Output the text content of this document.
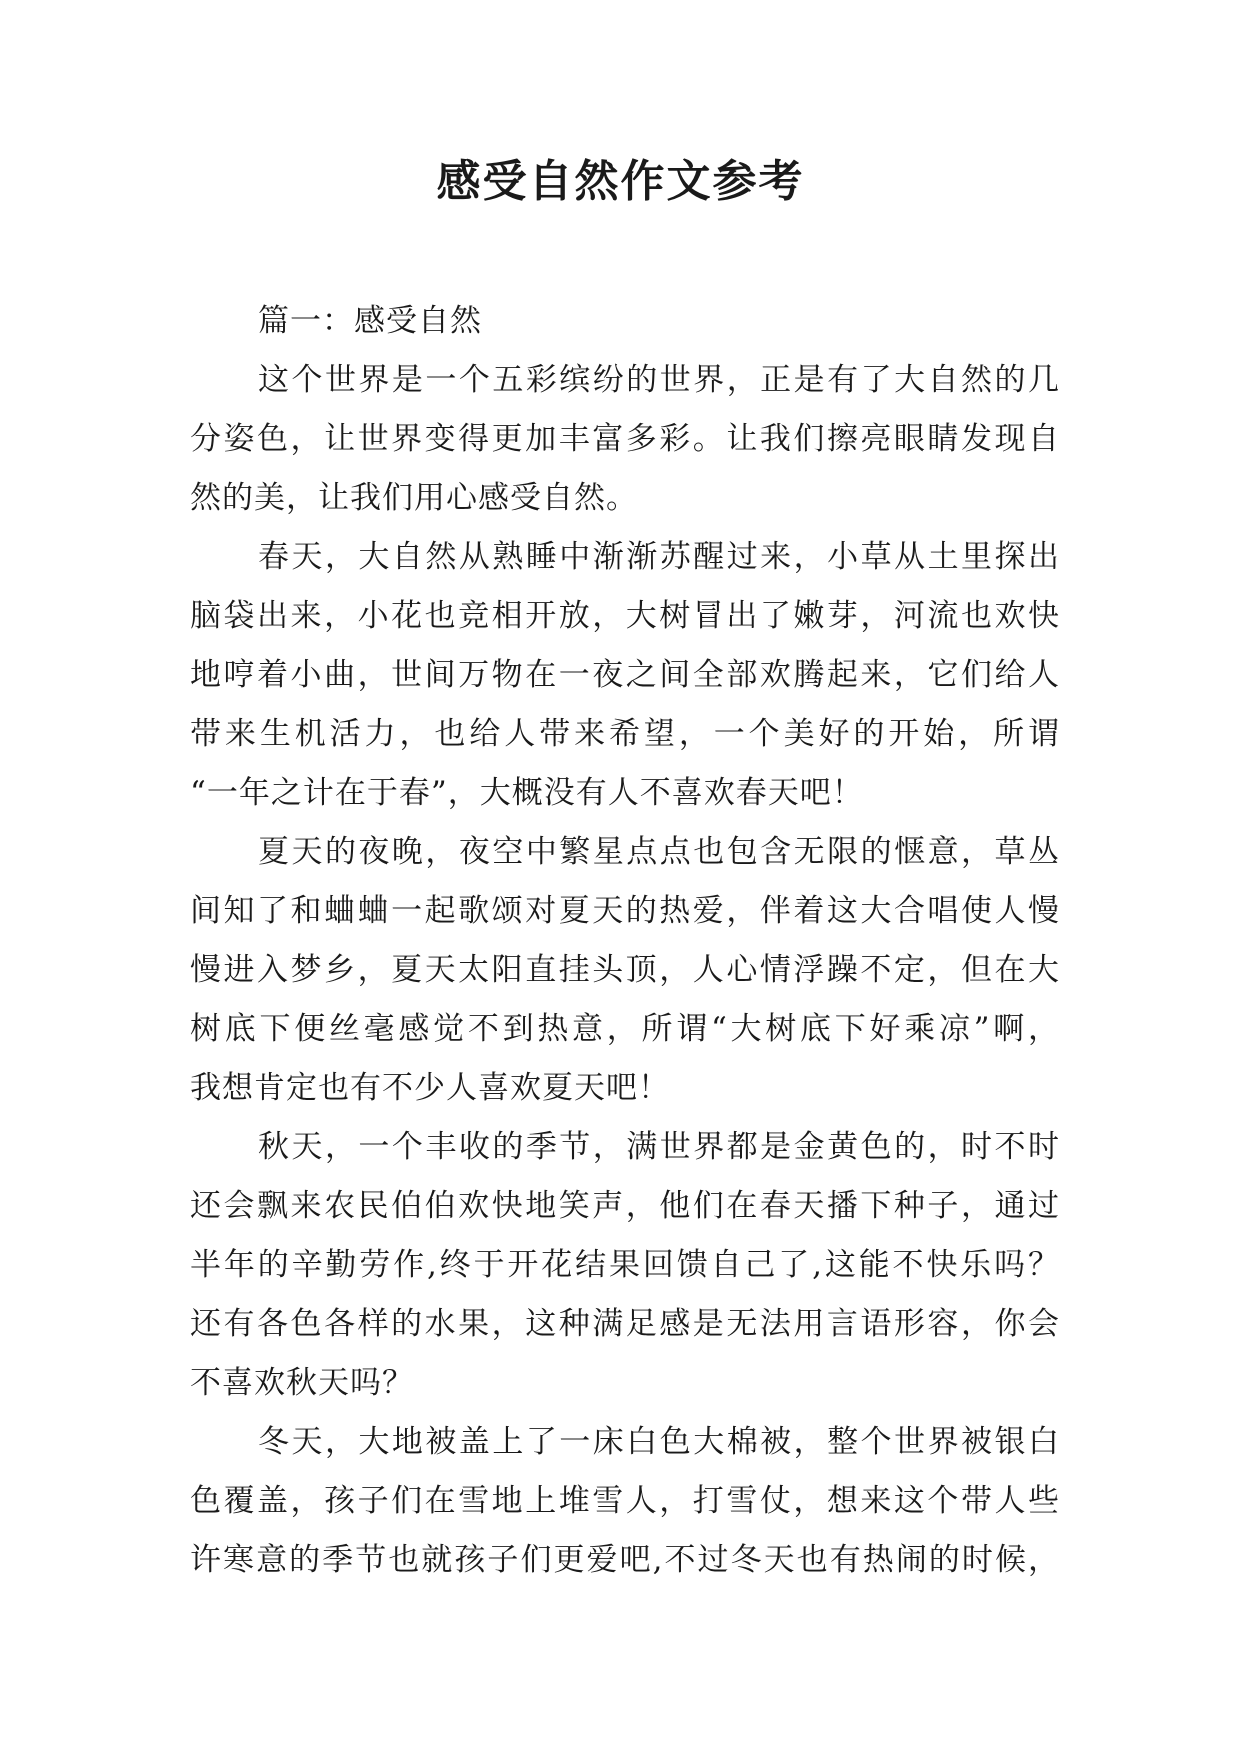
感受自然作文参考
篇一：感受自然
这个世界是一个五彩缤纷的世界，正是有了大自然的几
分姿色，让世界变得更加丰富多彩。让我们擦亮眼睛发现自
然的美，让我们用心感受自然。
春天，大自然从熟睡中渐渐苏醒过来，小草从土里探出
脑袋出来，小花也竞相开放，大树冒出了嫩芽，河流也欢快
地哼着小曲，世间万物在一夜之间全部欢腾起来，它们给人
带来生机活力，也给人带来希望，一个美好的开始，所谓
“一年之计在于春”，大概没有人不喜欢春天吧！
夏天的夜晚，夜空中繁星点点也包含无限的惬意，草丛
间知了和蛐蛐一起歌颂对夏天的热爱，伴着这大合唱使人慢
慢进入梦乡，夏天太阳直挂头顶，人心情浮躁不定，但在大
树底下便丝毫感觉不到热意，所谓“大树底下好乘凉”啊，
我想肯定也有不少人喜欢夏天吧！
秋天，一个丰收的季节，满世界都是金黄色的，时不时
还会飘来农民伯伯欢快地笑声，他们在春天播下种子，通过
半年的辛勤劳作,终于开花结果回馈自己了,这能不快乐吗？
还有各色各样的水果，这种满足感是无法用言语形容，你会
不喜欢秋天吗？
冬天，大地被盖上了一床白色大棉被，整个世界被银白
色覆盖，孩子们在雪地上堆雪人，打雪仗，想来这个带人些
许寒意的季节也就孩子们更爱吧,不过冬天也有热闹的时候，
